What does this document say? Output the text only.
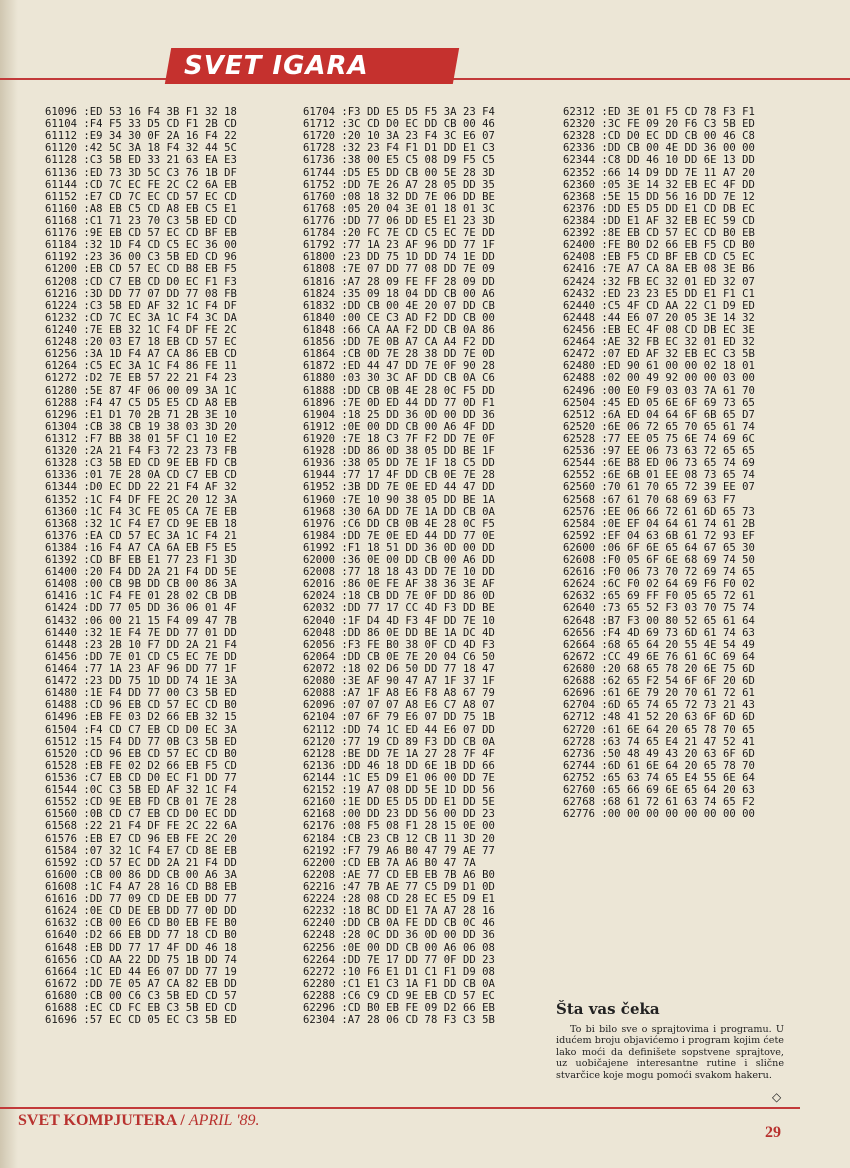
SVET IGARA
61096 :ED 53 16 F4 3B F1 32 18
61104 :F4 F5 33 D5 CD F1 2B CD
61112 :E9 34 30 0F 2A 16 F4 22
61120 :42 5C 3A 18 F4 32 44 5C
61128 :C3 5B ED 33 21 63 EA E3
61136 :ED 73 3D 5C C3 76 1B DF
61144 :CD 7C EC FE 2C C2 6A EB
61152 :E7 CD 7C EC CD 57 EC CD
61160 :A8 EB C5 CD A8 EB C5 E1
61168 :C1 71 23 70 C3 5B ED CD
61176 :9E EB CD 57 EC CD BF EB
61184 :32 1D F4 CD C5 EC 36 00
61192 :23 36 00 C3 5B ED CD 96
61200 :EB CD 57 EC CD B8 EB F5
61208 :CD C7 EB CD D0 EC F1 F3
61216 :3D DD 77 07 DD 77 08 FB
61224 :C3 5B ED AF 32 1C F4 DF
61232 :CD 7C EC 3A 1C F4 3C DA
61240 :7E EB 32 1C F4 DF FE 2C
61248 :20 03 E7 18 EB CD 57 EC
61256 :3A 1D F4 A7 CA 86 EB CD
61264 :C5 EC 3A 1C F4 86 FE 11
61272 :D2 7E EB 57 22 21 F4 23
61280 :5E 87 4F 06 00 09 3A 1C
61288 :F4 47 C5 D5 E5 CD A8 EB
61296 :E1 D1 70 2B 71 2B 3E 10
61304 :CB 38 CB 19 38 03 3D 20
61312 :F7 BB 38 01 5F C1 10 E2
61320 :2A 21 F4 F3 72 23 73 FB
61328 :C3 5B ED CD 9E EB FD CB
61336 :01 7E 28 0A CD C7 EB CD
61344 :D0 EC DD 22 21 F4 AF 32
61352 :1C F4 DF FE 2C 20 12 3A
61360 :1C F4 3C FE 05 CA 7E EB
61368 :32 1C F4 E7 CD 9E EB 18
61376 :EA CD 57 EC 3A 1C F4 21
61384 :16 F4 A7 CA 6A EB F5 E5
61392 :CD BF EB E1 77 23 F1 3D
61400 :20 F4 DD 2A 21 F4 DD 5E
61408 :00 CB 9B DD CB 00 86 3A
61416 :1C F4 FE 01 28 02 CB DB
61424 :DD 77 05 DD 36 06 01 4F
61432 :06 00 21 15 F4 09 47 7B
61440 :32 1E F4 7E DD 77 01 DD
61448 :23 2B 10 F7 DD 2A 21 F4
61456 :DD 7E 01 CD C5 EC 7E DD
61464 :77 1A 23 AF 96 DD 77 1F
61472 :23 DD 75 1D DD 74 1E 3A
61480 :1E F4 DD 77 00 C3 5B ED
61488 :CD 96 EB CD 57 EC CD B0
61496 :EB FE 03 D2 66 EB 32 15
61504 :F4 CD C7 EB CD D0 EC 3A
61512 :15 F4 DD 77 0B C3 5B ED
61520 :CD 96 EB CD 57 EC CD B0
61528 :EB FE 02 D2 66 EB F5 CD
61536 :C7 EB CD D0 EC F1 DD 77
61544 :0C C3 5B ED AF 32 1C F4
61552 :CD 9E EB FD CB 01 7E 28
61560 :0B CD C7 EB CD D0 EC DD
61568 :22 21 F4 DF FE 2C 22 6A
61576 :EB E7 CD 96 EB FE 2C 20
61584 :07 32 1C F4 E7 CD 8E EB
61592 :CD 57 EC DD 2A 21 F4 DD
61600 :CB 00 86 DD CB 00 A6 3A
61608 :1C F4 A7 28 16 CD B8 EB
61616 :DD 77 09 CD DE EB DD 77
61624 :0E CD DE EB DD 77 0D DD
61632 :CB 00 E6 CD B0 EB FE B0
61640 :D2 66 EB DD 77 18 CD B0
61648 :EB DD 77 17 4F DD 46 18
61656 :CD AA 22 DD 75 1B DD 74
61664 :1C ED 44 E6 07 DD 77 19
61672 :DD 7E 05 A7 CA 82 EB DD
61680 :CB 00 C6 C3 5B ED CD 57
61688 :EC CD FC EB C3 5B ED CD
61696 :57 EC CD 05 EC C3 5B ED
61704 :F3 DD E5 D5 F5 3A 23 F4
61712 :3C CD D0 EC DD CB 00 46
61720 :20 10 3A 23 F4 3C E6 07
61728 :32 23 F4 F1 D1 DD E1 C3
61736 :38 00 E5 C5 08 D9 F5 C5
61744 :D5 E5 DD CB 00 5E 28 3D
61752 :DD 7E 26 A7 28 05 DD 35
61760 :08 18 32 DD 7E 06 DD BE
61768 :05 20 04 3E 01 18 01 3C
61776 :DD 77 06 DD E5 E1 23 3D
61784 :20 FC 7E CD C5 EC 7E DD
61792 :77 1A 23 AF 96 DD 77 1F
61800 :23 DD 75 1D DD 74 1E DD
61808 :7E 07 DD 77 08 DD 7E 09
61816 :A7 28 09 FE FF 28 09 DD
61824 :35 09 18 04 DD CB 00 A6
61832 :DD CB 00 4E 20 07 DD CB
61840 :00 CE C3 AD F2 DD CB 00
61848 :66 CA AA F2 DD CB 0A 86
61856 :DD 7E 0B A7 CA A4 F2 DD
61864 :CB 0D 7E 28 38 DD 7E 0D
61872 :ED 44 47 DD 7E 0F 90 28
61880 :03 30 3C AF DD CB 0A C6
61888 :DD CB 0B 4E 28 0C F5 DD
61896 :7E 0D ED 44 DD 77 0D F1
61904 :18 25 DD 36 0D 00 DD 36
61912 :0E 00 DD CB 00 A6 4F DD
61920 :7E 18 C3 7F F2 DD 7E 0F
61928 :DD 86 0D 38 05 DD BE 1F
61936 :38 05 DD 7E 1F 18 C5 DD
61944 :77 17 4F DD CB 0E 7E 28
61952 :3B DD 7E 0E ED 44 47 DD
61960 :7E 10 90 38 05 DD BE 1A
61968 :30 6A DD 7E 1A DD CB 0A
61976 :C6 DD CB 0B 4E 28 0C F5
61984 :DD 7E 0E ED 44 DD 77 0E
61992 :F1 18 51 DD 36 0D 00 DD
62000 :36 0E 00 DD CB 00 A6 DD
62008 :77 18 18 43 DD 7E 10 DD
62016 :86 0E FE AF 38 36 3E AF
62024 :18 CB DD 7E 0F DD 86 0D
62032 :DD 77 17 CC 4D F3 DD BE
62040 :1F D4 4D F3 4F DD 7E 10
62048 :DD 86 0E DD BE 1A DC 4D
62056 :F3 FE B0 38 0F CD 4D F3
62064 :DD CB 0E 7E 20 04 C6 50
62072 :18 02 D6 50 DD 77 18 47
62080 :3E AF 90 47 A7 1F 37 1F
62088 :A7 1F A8 E6 F8 A8 67 79
62096 :07 07 07 A8 E6 C7 A8 07
62104 :07 6F 79 E6 07 DD 75 1B
62112 :DD 74 1C ED 44 E6 07 DD
62120 :77 19 CD 89 F3 DD CB 0A
62128 :BE DD 7E 1A 27 28 7F 4F
62136 :DD 46 18 DD 6E 1B DD 66
62144 :1C E5 D9 E1 06 00 DD 7E
62152 :19 A7 08 DD 5E 1D DD 56
62160 :1E DD E5 D5 DD E1 DD 5E
62168 :00 DD 23 DD 56 00 DD 23
62176 :08 F5 08 F1 28 15 0E 00
62184 :CB 23 CB 12 CB 11 3D 20
62192 :F7 79 A6 B0 47 79 AE 77
62200 :CD EB 7A A6 B0 47 7A
62208 :AE 77 CD EB EB 7B A6 B0
62216 :47 7B AE 77 C5 D9 D1 0D
62224 :28 08 CD 28 EC E5 D9 E1
62232 :18 BC DD E1 7A A7 28 16
62240 :DD CB 0A FE DD CB 0C 46
62248 :28 0C DD 36 0D 00 DD 36
62256 :0E 00 DD CB 00 A6 06 08
62264 :DD 7E 17 DD 77 0F DD 23
62272 :10 F6 E1 D1 C1 F1 D9 08
62280 :C1 E1 C3 1A F1 DD CB 0A
62288 :C6 C9 CD 9E EB CD 57 EC
62296 :CD B0 EB FE 09 D2 66 EB
62304 :A7 28 06 CD 78 F3 C3 5B
62312 :ED 3E 01 F5 CD 78 F3 F1
62320 :3C FE 09 20 F6 C3 5B ED
62328 :CD D0 EC DD CB 00 46 C8
62336 :DD CB 00 4E DD 36 00 00
62344 :C8 DD 46 10 DD 6E 13 DD
62352 :66 14 D9 DD 7E 11 A7 20
62360 :05 3E 14 32 EB EC 4F DD
62368 :5E 15 DD 56 16 DD 7E 12
62376 :DD E5 D5 DD E1 CD DB EC
62384 :DD E1 AF 32 EB EC 59 CD
62392 :8E EB CD 57 EC CD B0 EB
62400 :FE B0 D2 66 EB F5 CD B0
62408 :EB F5 CD BF EB CD C5 EC
62416 :7E A7 CA 8A EB 08 3E B6
62424 :32 FB EC 32 01 ED 32 07
62432 :ED 23 23 E5 DD E1 F1 C1
62440 :C5 4F CD AA 22 C1 D9 ED
62448 :44 E6 07 20 05 3E 14 32
62456 :EB EC 4F 08 CD DB EC 3E
62464 :AE 32 FB EC 32 01 ED 32
62472 :07 ED AF 32 EB EC C3 5B
62480 :ED 90 61 00 00 02 18 01
62488 :02 00 49 92 00 00 03 00
62496 :00 E0 F9 03 03 7A 61 70
62504 :45 ED 05 6E 6F 69 73 65
62512 :6A ED 04 64 6F 6B 65 D7
62520 :6E 06 72 65 70 65 61 74
62528 :77 EE 05 75 6E 74 69 6C
62536 :97 EE 06 73 63 72 65 65
62544 :6E B8 ED 06 73 65 74 69
62552 :6E 6B 01 EE 08 73 65 74
62560 :70 61 70 65 72 39 EE 07
62568 :67 61 70 68 69 63 F7
62576 :EE 06 66 72 61 6D 65 73
62584 :0E EF 04 64 61 74 61 2B
62592 :EF 04 63 6B 61 72 93 EF
62600 :06 6F 6E 65 64 67 65 30
62608 :F0 05 6F 6E 68 69 74 50
62616 :F0 06 73 70 72 69 74 65
62624 :6C F0 02 64 69 F6 F0 02
62632 :65 69 FF F0 05 65 72 61
62640 :73 65 52 F3 03 70 75 74
62648 :B7 F3 00 80 52 65 61 64
62656 :F4 4D 69 73 6D 61 74 63
62664 :68 65 64 20 55 4E 54 49
62672 :CC 49 6E 76 61 6C 69 64
62680 :20 68 65 78 20 6E 75 6D
62688 :62 65 F2 54 6F 6F 20 6D
62696 :61 6E 79 20 70 61 72 61
62704 :6D 65 74 65 72 73 21 43
62712 :48 41 52 20 63 6F 6D 6D
62720 :61 6E 64 20 65 78 70 65
62728 :63 74 65 E4 21 47 52 41
62736 :50 48 49 43 20 63 6F 6D
62744 :6D 61 6E 64 20 65 78 70
62752 :65 63 74 65 E4 55 6E 64
62760 :65 66 69 6E 65 64 20 63
62768 :68 61 72 61 63 74 65 F2
62776 :00 00 00 00 00 00 00 00
Šta vas čeka
To bi bilo sve o sprajtovima i programu. U idućem broju objavićemo i program kojim ćete lako moći da definišete sopstvene sprajtove, uz uobičajene interesantne rutine i slične stvarčice koje mogu pomoći svakom hakeru.
◇
SVET KOMPJUTERA / APRIL '89.
29
